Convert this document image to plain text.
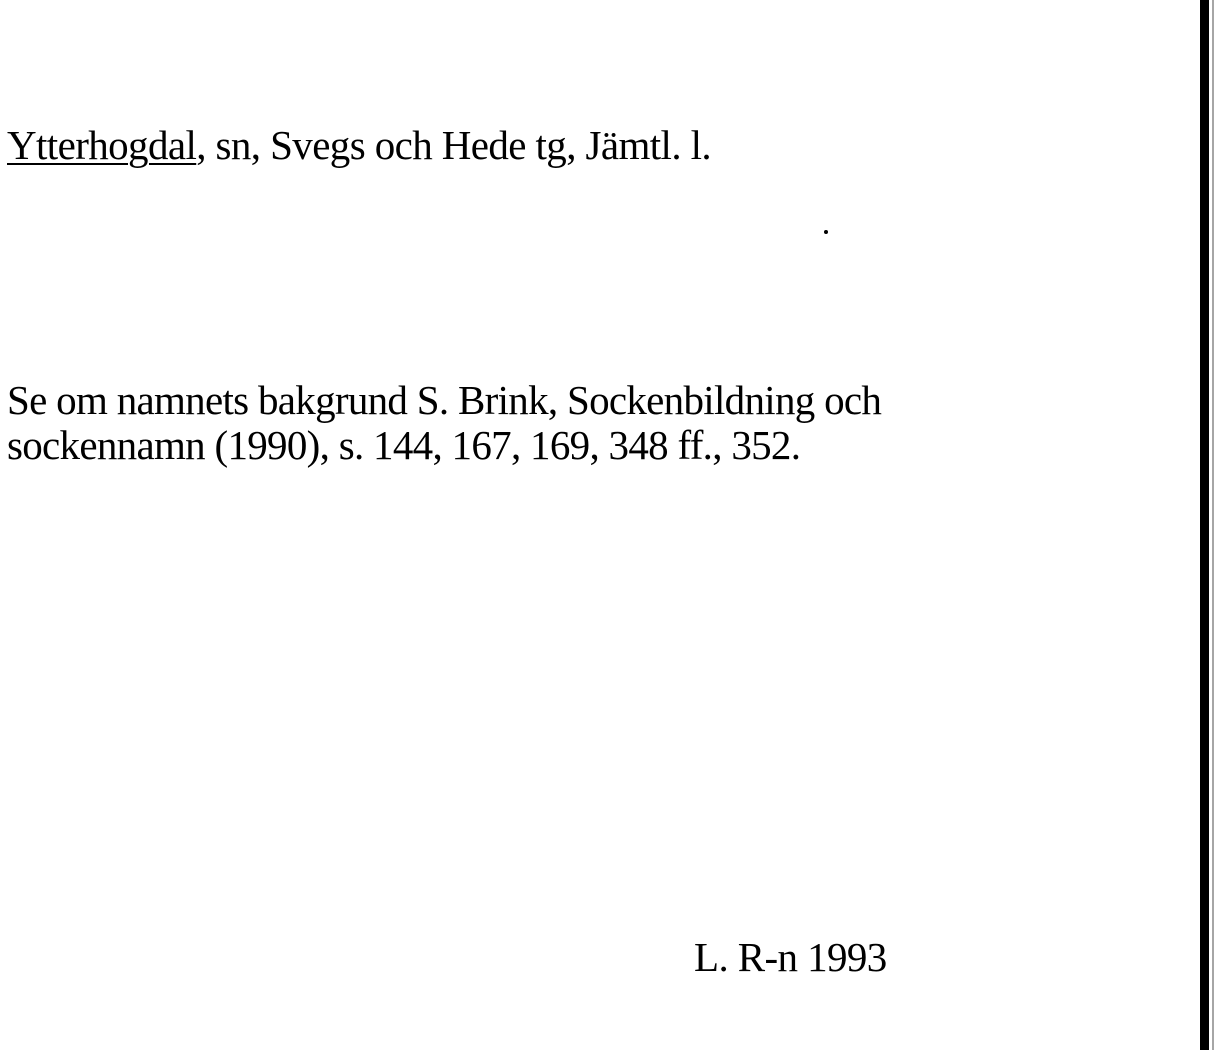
Ytterhogdal, sn, Svegs och Hede tg, Jämtl. l.
Se om namnets bakgrund S. Brink, Sockenbildning och
sockennamn (1990), s. 144, 167, 169, 348 ff., 352.
L. R-n 1993
